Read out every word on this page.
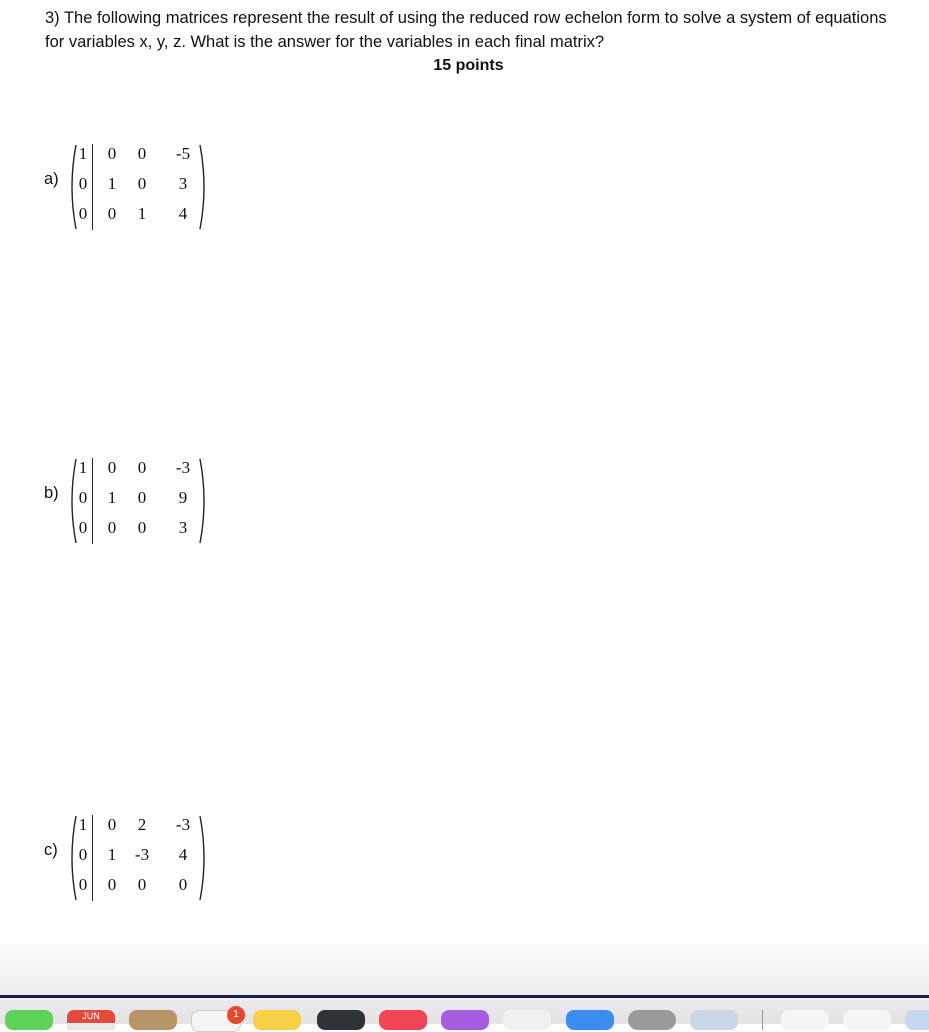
3) The following matrices represent the result of using the reduced row echelon form to solve a system of equations for variables x, y, z. What is the answer for the variables in each final matrix?
15 points
a)
1	0	0	-5
0	1	0	3
0	0	1	4
b)
1	0	0	-3
0	1	0	9
0	0	0	3
c)
1	0	2	-3
0	1	-3	4
0	0	0	0
JUN	1
